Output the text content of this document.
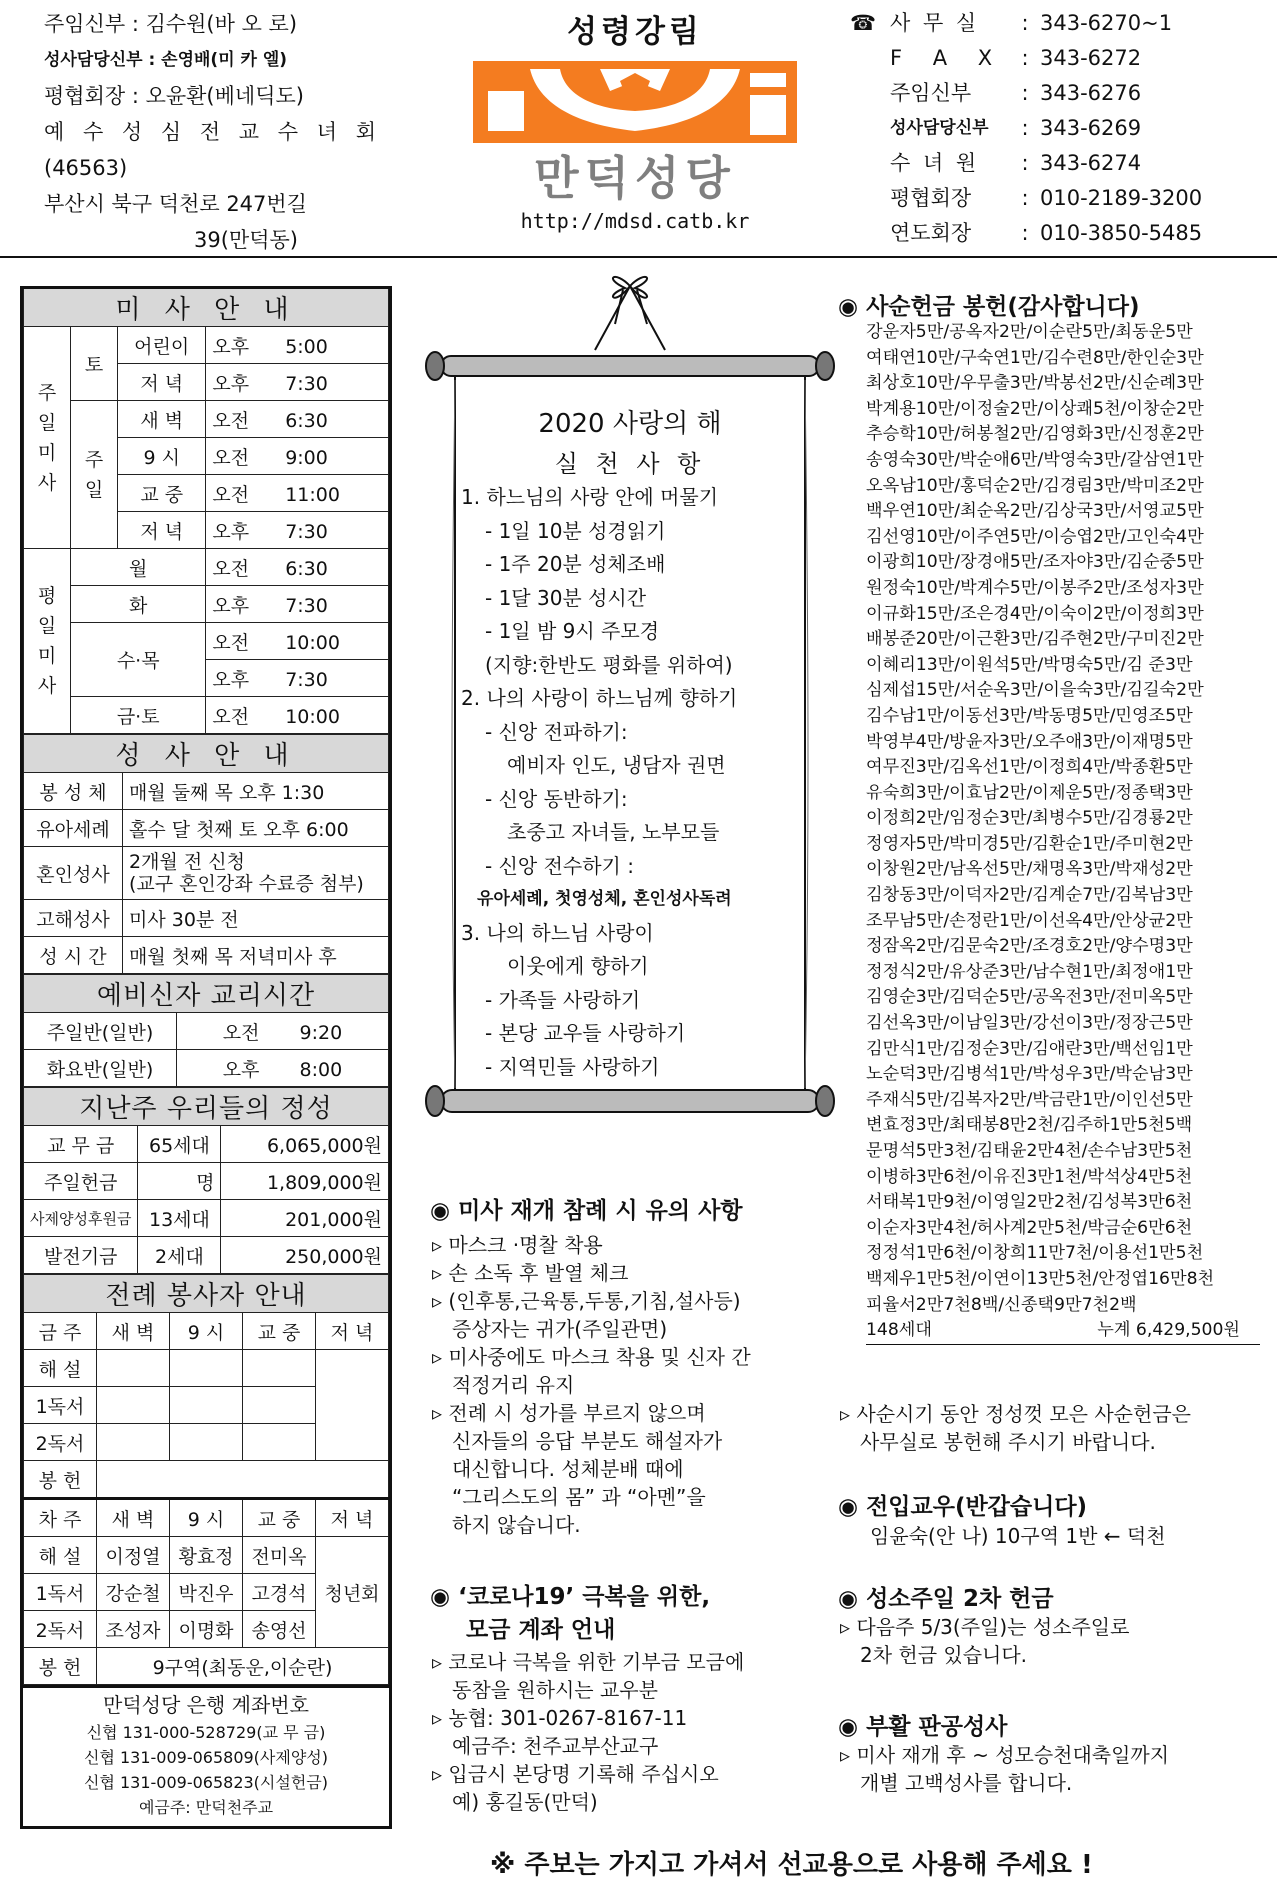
주임신부 : 김수원(바 오 로)
성사담당신부 : 손영배(미 카 엘)
평협회장 : 오윤환(베네딕도)
예 수 성 심 전 교 수 녀 회
(46563)
부산시 북구 덕천로 247번길
39(만덕동)
성령강림
만덕성당
http://mdsd.catb.kr
☎ 사 무 실	: 343-6270~1
F A X : 343-6272
주임신부	: 343-6276
성사담당신부	: 343-6269
수 녀 원	: 343-6274
평협회장	: 010-2189-3200
연도회장	: 010-3850-5485
미 사 안 내			
주 일 미 사	토	어린이	오후 5:00
		저 녁	오후 7:30
	주 일	새 벽	오전 6:30
		9 시	오전 9:00
		교 중	오전 11:00
		저 녁	오후 7:30
평 일 미 사	월		오전 6:30
	화		오후 7:30
	수·목		오전 10:00
			오후 7:30
	금·토		오전 10:00
성 사 안 내	
봉 성 체	매월 둘째 목 오후 1:30
유아세례	홀수 달 첫째 토 오후 6:00
혼인성사	2개월 전 신청
(교구 혼인강좌 수료증 첨부)

고해성사	미사 30분 전
성 시 간	매월 첫째 목 저녁미사 후
예비신자 교리시간	
주일반(일반)	오전 9:20
화요반(일반)	오후 8:00
지난주 우리들의 정성		
교 무 금	65세대	6,065,000원
주일헌금	명	1,809,000원
사제양성후원금	13세대	201,000원
발전기금	2세대	250,000원
전례 봉사자 안내				
금 주	새 벽	9 시	교 중	저 녁
해 설				
1독서				
2독서				
봉 헌				
차 주	새 벽	9 시	교 중	저 녁
해 설	이정열	황효정	전미옥	청년회
1독서	강순철	박진우	고경석	
2독서	조성자	이명화	송영선	
봉 헌	9구역(최동운,이순란)			
만덕성당 은행 계좌번호
신협 131-000-528729(교 무 금)
신협 131-009-065809(사제양성)
신협 131-009-065823(시설헌금)
예금주: 만덕천주교
2020 사랑의 해
실 천 사 항
1. 하느님의 사랑 안에 머물기
- 1일 10분 성경읽기
- 1주 20분 성체조배
- 1달 30분 성시간
- 1일 밤 9시 주모경
(지향:한반도 평화를 위하여)
2. 나의 사랑이 하느님께 향하기
- 신앙 전파하기:
예비자 인도, 냉담자 권면
- 신앙 동반하기:
초중고 자녀들, 노부모들
- 신앙 전수하기 :
유아세례, 첫영성체, 혼인성사독려
3. 나의 하느님 사랑이
이웃에게 향하기
- 가족들 사랑하기
- 본당 교우들 사랑하기
- 지역민들 사랑하기
◉ 미사 재개 참례 시 유의 사항
▹ 마스크 ·명찰 착용
▹ 손 소독 후 발열 체크
▹ (인후통,근육통,두통,기침,설사등)
증상자는 귀가(주일관면)
▹ 미사중에도 마스크 착용 및 신자 간
적정거리 유지
▹ 전례 시 성가를 부르지 않으며
신자들의 응답 부분도 해설자가
대신합니다. 성체분배 때에
“그리스도의 몸” 과 “아멘”을
하지 않습니다.
◉ ‘코로나19’ 극복을 위한,
모금 계좌 언내
▹ 코로나 극복을 위한 기부금 모금에
동참을 원하시는 교우분
▹ 농협: 301-0267-8167-11
예금주: 천주교부산교구
▹ 입금시 본당명 기록해 주십시오
예) 홍길동(만덕)
◉ 사순헌금 봉헌(감사합니다)
강운자5만/공옥자2만/이순란5만/최동운5만
여태연10만/구숙연1만/김수련8만/한인순3만
최상호10만/우무출3만/박봉선2만/신순례3만
박계용10만/이정술2만/이상쾌5천/이창순2만
추승학10만/허봉철2만/김영화3만/신정훈2만
송영숙30만/박순애6만/박영숙3만/갈삼연1만
오옥남10만/홍덕순2만/김경림3만/박미조2만
백우연10만/최순옥2만/김상국3만/서영교5만
김선영10만/이주연5만/이승엽2만/고인숙4만
이광희10만/장경애5만/조자야3만/김순중5만
원정숙10만/박계수5만/이봉주2만/조성자3만
이규화15만/조은경4만/이숙이2만/이정희3만
배봉준20만/이근환3만/김주현2만/구미진2만
이혜리13만/이원석5만/박명숙5만/김 준3만
심제섭15만/서순옥3만/이을숙3만/김길숙2만
김수남1만/이동선3만/박동명5만/민영조5만
박영부4만/방윤자3만/오주애3만/이재명5만
여무진3만/김옥선1만/이정희4만/박종환5만
유숙희3만/이효남2만/이제운5만/정종택3만
이정희2만/임정순3만/최병수5만/김경룡2만
정영자5만/박미경5만/김환순1만/주미현2만
이창원2만/남옥선5만/채명옥3만/박재성2만
김창동3만/이덕자2만/김계순7만/김복남3만
조무남5만/손정란1만/이선옥4만/안상균2만
정잠옥2만/김문숙2만/조경호2만/양수명3만
정정식2만/유상준3만/남수현1만/최정애1만
김영순3만/김덕순5만/공옥전3만/전미옥5만
김선옥3만/이남일3만/강선이3만/정장근5만
김만식1만/김정순3만/김애란3만/백선임1만
노순덕3만/김병석1만/박성우3만/박순남3만
주재식5만/김복자2만/박금란1만/이인선5만
변효정3만/최태봉8만2천/김주하1만5천5백
문명석5만3천/김태윤2만4천/손수남3만5천
이병하3만6천/이유진3만1천/박석상4만5천
서태복1만9천/이영일2만2천/김성복3만6천
이순자3만4천/허사계2만5천/박금순6만6천
정정석1만6천/이창희11만7천/이용선1만5천
백제우1만5천/이연이13만5천/안정엽16만8천
피율서2만7천8백/신종택9만7천2백
148세대	누계 6,429,500원
▹ 사순시기 동안 정성껏 모은 사순헌금은
사무실로 봉헌해 주시기 바랍니다.
◉ 전입교우(반갑습니다)
임윤숙(안 나) 10구역 1반 ← 덕천
◉ 성소주일 2차 헌금
▹ 다음주 5/3(주일)는 성소주일로
2차 헌금 있습니다.
◉ 부활 판공성사
▹ 미사 재개 후 ~ 성모승천대축일까지
개별 고백성사를 합니다.
※ 주보는 가지고 가셔서 선교용으로 사용해 주세요 !
